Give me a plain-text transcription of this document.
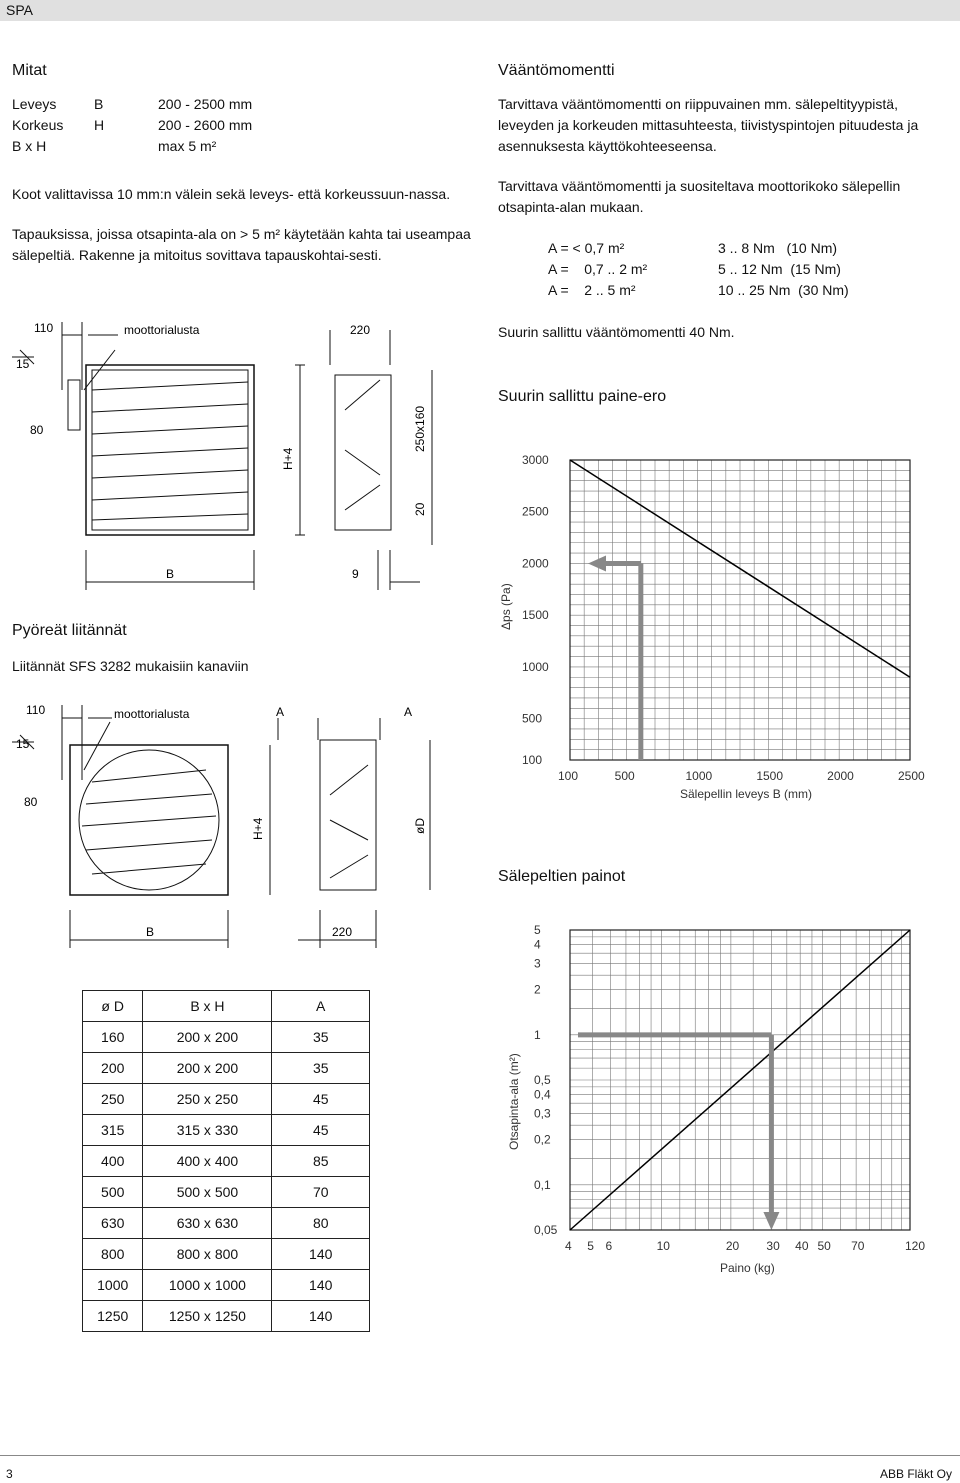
SPA
Mitat
Leveys	B	200 - 2500 mm
Korkeus H	200 - 2600 mm
B x H	max 5 m²
Koot valittavissa 10 mm:n välein sekä leveys- että korkeussuun-nassa.
Tapauksissa, joissa otsapinta-ala on > 5 m² käytetään kahta tai useampaa sälepeltiä. Rakenne ja mitoitus sovittava tapauskohtai-sesti.
110	moottorialusta	220
15
80
H+4
250x160
20
B	9
Pyöreät liitännät
Liitännät SFS 3282 mukaisiin kanaviin
110	moottorialusta	A	A
15
80
H+4	øD
B	220
ø D	B x H	A
160	200 x 200	35
200	200 x 200	35
250	250 x 250	45
315	315 x 330	45
400	400 x 400	85
500	500 x 500	70
630	630 x 630	80
800	800 x 800	140
1000	1000 x 1000	140
1250	1250 x 1250	140
Vääntömomentti
Tarvittava vääntömomentti on riippuvainen mm. sälepeltityypistä, leveyden ja korkeuden mittasuhteesta, tiivistyspintojen pituudesta ja asennuksesta käyttökohteeseensa.
Tarvittava vääntömomentti ja suositeltava moottorikoko sälepellin otsapinta-alan mukaan.
A = < 0,7 m²	3 .. 8 Nm   (10 Nm)
A =    0,7 .. 2 m²	5 .. 12 Nm  (15 Nm)
A =    2 .. 5 m²	10 .. 25 Nm  (30 Nm)
Suurin sallittu vääntömomentti 40 Nm.
Suurin sallittu paine-ero
100
500
1000
1500
2000
2500
3000
100	500	1000	1500	2000	2500
Sälepellin leveys B (mm)
Δps (Pa)
Sälepeltien painot
0,05
0,1
0,2
0,3
0,4
0,5
1
2
3
4
5
4 5 6	10	20 30 40 50 70	120
Paino (kg)
Otsapinta-ala (m²)
3	ABB Fläkt Oy
